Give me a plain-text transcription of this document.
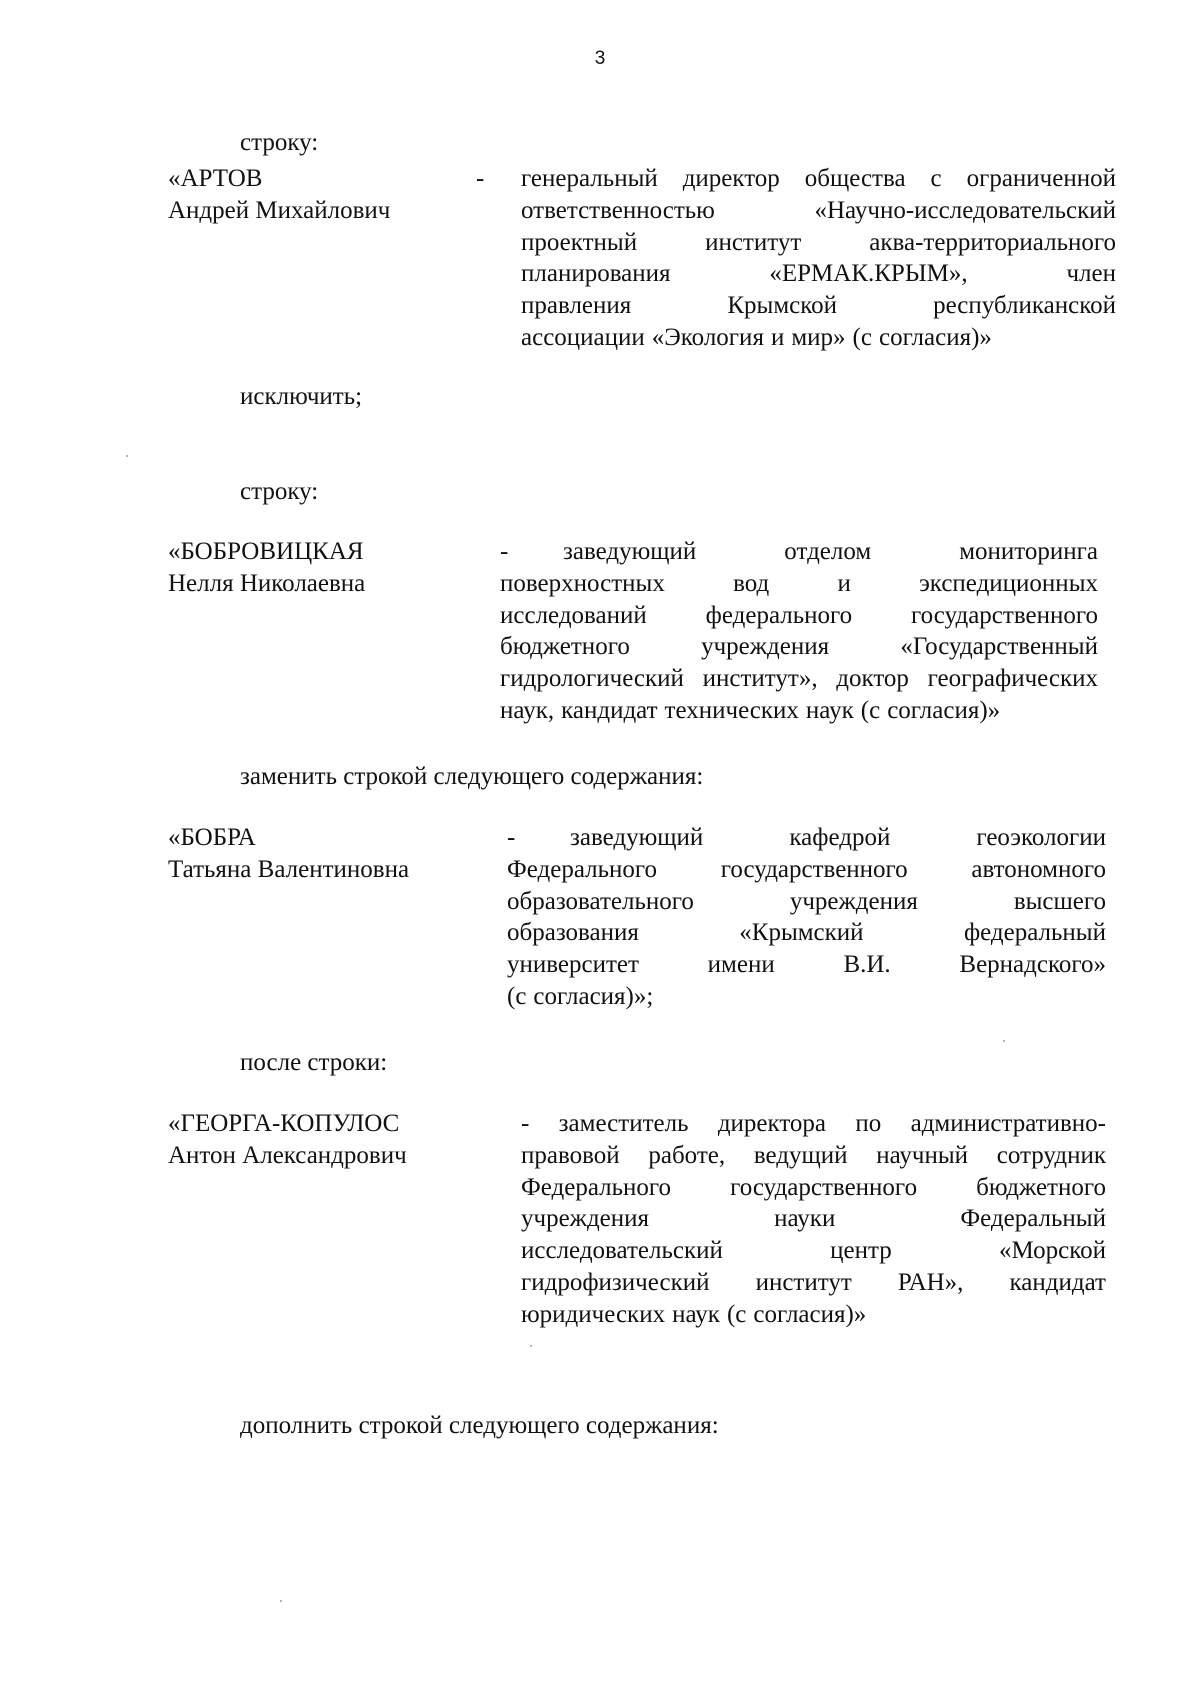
3
строку:
«АРТОВ
Андрей Михайлович
- генеральный директор общества с ограниченной
ответственностью	«Научно-исследовательский
проектный	институт	аква-территориального
планирования	«ЕРМАК.КРЫМ»,	член
правления	Крымской	республиканской
ассоциации «Экология и мир» (с согласия)»
исключить;
строку:
«БОБРОВИЦКАЯ
Нелля Николаевна
- заведующий	отделом	мониторинга
поверхностных	вод	и	экспедиционных
исследований федерального государственного
бюджетного	учреждения	«Государственный
гидрологический институт», доктор географических
наук, кандидат технических наук (с согласия)»
заменить строкой следующего содержания:
«БОБРА
Татьяна Валентиновна
- заведующий	кафедрой	геоэкологии
Федерального	государственного	автономного
образовательного	учреждения	высшего
образования	«Крымский	федеральный
университет	имени	В.И.	Вернадского»
(с согласия)»;
после строки:
«ГЕОРГА-КОПУЛОС
Антон Александрович
- заместитель директора по административно-
правовой работе, ведущий научный сотрудник
Федерального государственного бюджетного
учреждения	науки	Федеральный
исследовательский	центр	«Морской
гидрофизический институт РАН», кандидат
юридических наук (с согласия)»
дополнить строкой следующего содержания:
